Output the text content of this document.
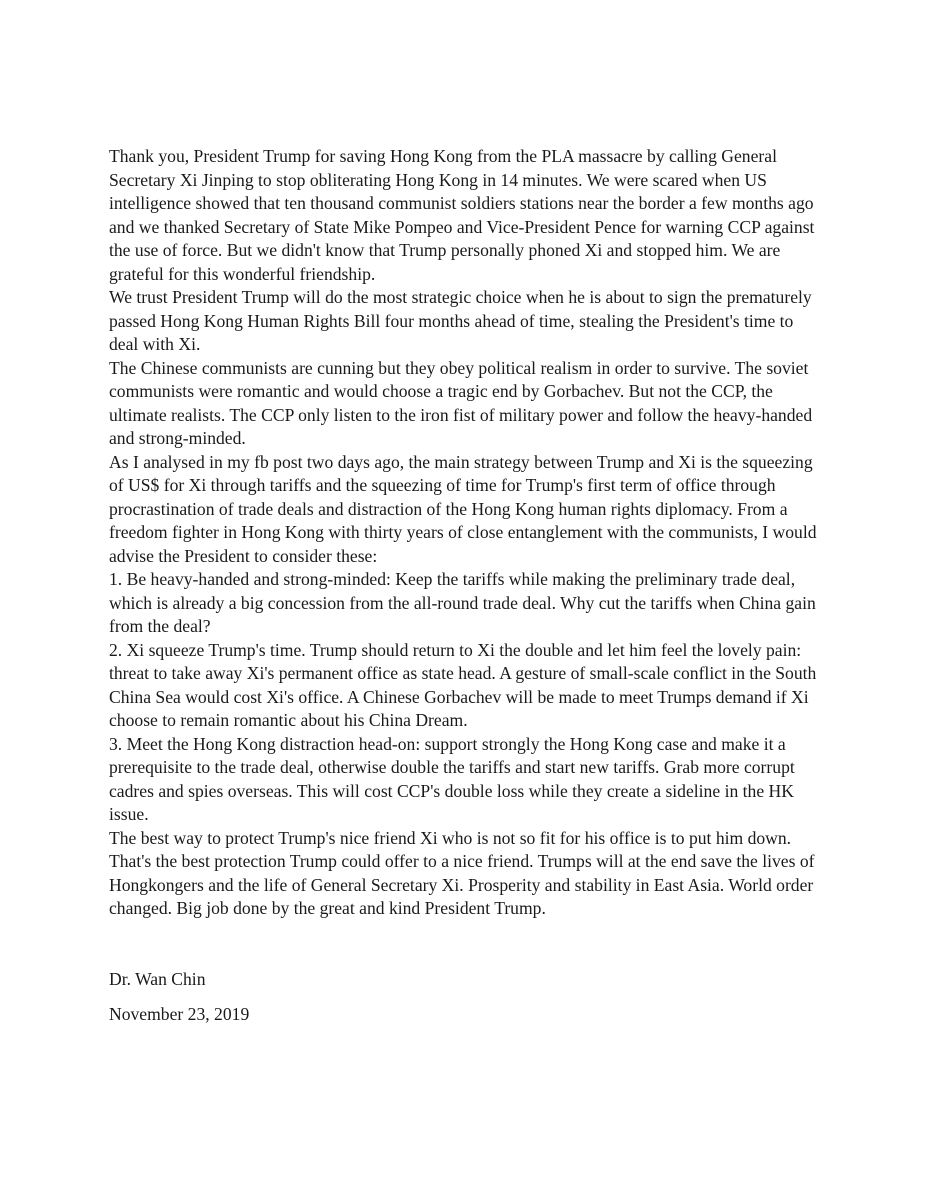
Thank you, President Trump for saving Hong Kong from the PLA massacre by calling General Secretary Xi Jinping to stop obliterating Hong Kong in 14 minutes. We were scared when US intelligence showed that ten thousand communist soldiers stations near the border a few months ago and we thanked Secretary of State Mike Pompeo and Vice-President Pence for warning CCP against the use of force. But we didn't know that Trump personally phoned Xi and stopped him. We are grateful for this wonderful friendship.

We trust President Trump will do the most strategic choice when he is about to sign the prematurely passed Hong Kong Human Rights Bill four months ahead of time, stealing the President's time to deal with Xi.

The Chinese communists are cunning but they obey political realism in order to survive. The soviet communists were romantic and would choose a tragic end by Gorbachev. But not the CCP, the ultimate realists. The CCP only listen to the iron fist of military power and follow the heavy-handed and strong-minded.

As I analysed in my fb post two days ago, the main strategy between Trump and Xi is the squeezing of US$ for Xi through tariffs and the squeezing of time for Trump's first term of office through procrastination of trade deals and distraction of the Hong Kong human rights diplomacy. From a freedom fighter in Hong Kong with thirty years of close entanglement with the communists, I would advise the President to consider these:

1. Be heavy-handed and strong-minded: Keep the tariffs while making the preliminary trade deal, which is already a big concession from the all-round trade deal. Why cut the tariffs when China gain from the deal?

2. Xi squeeze Trump's time. Trump should return to Xi the double and let him feel the lovely pain: threat to take away Xi's permanent office as state head. A gesture of small-scale conflict in the South China Sea would cost Xi's office. A Chinese Gorbachev will be made to meet Trumps demand if Xi choose to remain romantic about his China Dream.

3. Meet the Hong Kong distraction head-on: support strongly the Hong Kong case and make it a prerequisite to the trade deal, otherwise double the tariffs and start new tariffs. Grab more corrupt cadres and spies overseas. This will cost CCP's double loss while they create a sideline in the HK issue.

The best way to protect Trump's nice friend Xi who is not so fit for his office is to put him down. That's the best protection Trump could offer to a nice friend. Trumps will at the end save the lives of Hongkongers and the life of General Secretary Xi. Prosperity and stability in East Asia. World order changed. Big job done by the great and kind President Trump.

Dr. Wan Chin
November 23, 2019
